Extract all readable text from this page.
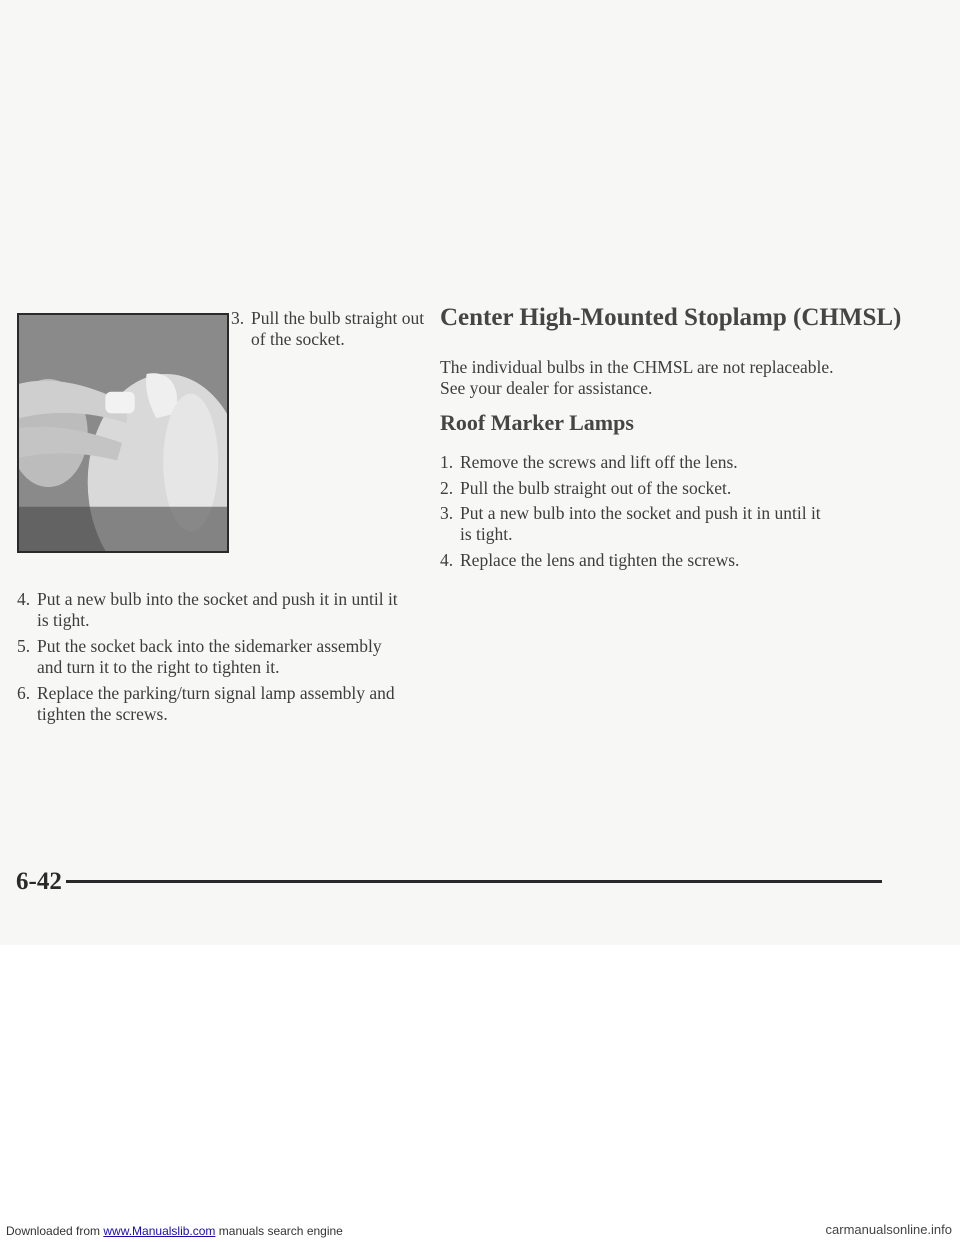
3. Pull the bulb straight out
of the socket.
4. Put a new bulb into the socket and push it in until it
is tight.
5. Put the socket back into the sidemarker assembly
and turn it to the right to tighten it.
6. Replace the parking/turn signal lamp assembly and
tighten the screws.
Center High-Mounted Stoplamp (CHMSL)
The individual bulbs in the CHMSL are not replaceable.
See your dealer for assistance.
Roof Marker Lamps
1. Remove the screws and lift off the lens.
2. Pull the bulb straight out of the socket.
3. Put a new bulb into the socket and push it in until it
is tight.
4. Replace the lens and tighten the screws.
6-42
Downloaded from www.Manualslib.com manuals search engine	carmanualsonline.info
